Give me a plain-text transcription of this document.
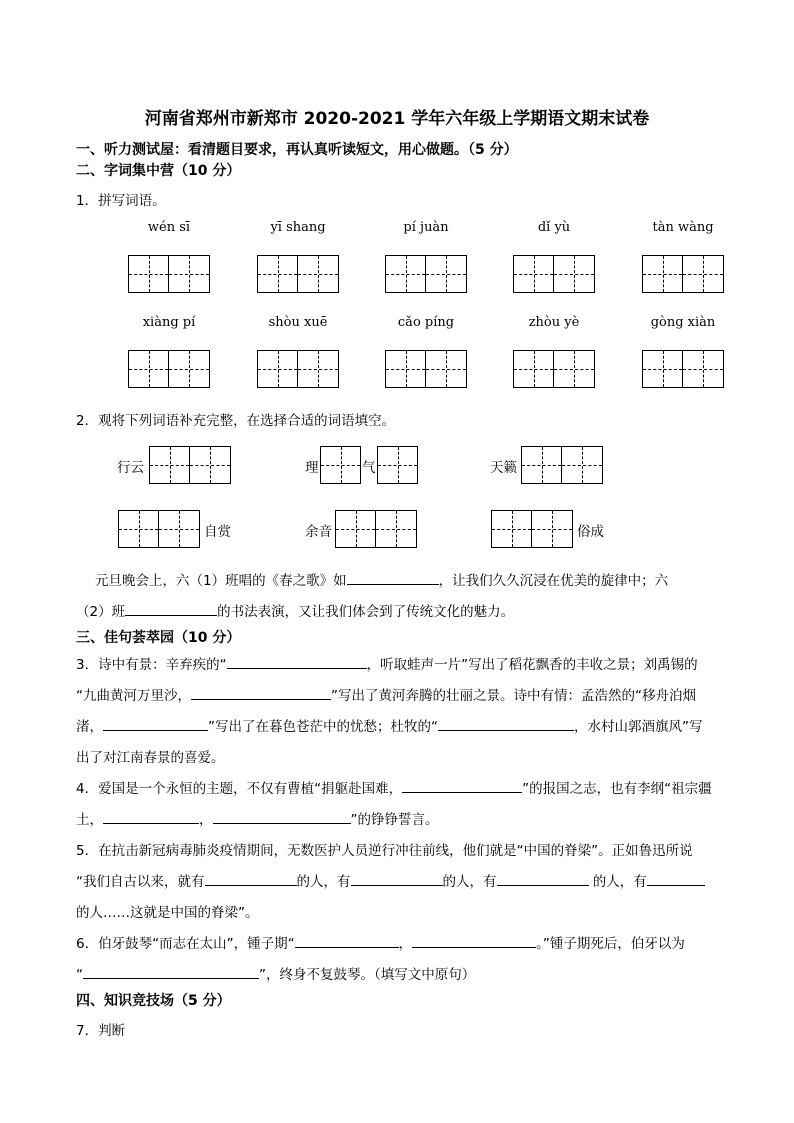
河南省郑州市新郑市 2020-2021 学年六年级上学期语文期末试卷
一、听力测试屋：看清题目要求，再认真听读短文，用心做题。（5 分）
二、字词集中营（10 分）
1．拼写词语。
wén sī	yī shang	pí juàn	dǐ yù	tàn wàng
xiàng pí	shòu xuē	cǎo píng	zhòu yè	gòng xiàn
2．观将下列词语补充完整，在选择合适的词语填空。
行云	理	气	天籁
自赏	余音	俗成
元旦晚会上，六（1）班唱的《春之歌》如	，让我们久久沉浸在优美的旋律中；六
（2）班	的书法表演，又让我们体会到了传统文化的魅力。
三、佳句荟萃园（10 分）
3．诗中有景：辛弃疾的“	，听取蛙声一片”写出了稻花飘香的丰收之景；刘禹锡的
“九曲黄河万里沙，	”写出了黄河奔腾的壮丽之景。诗中有情：孟浩然的“移舟泊烟
渚，	”写出了在暮色苍茫中的忧愁；杜牧的“	，水村山郭酒旗风”写
出了对江南春景的喜爱。
4．爱国是一个永恒的主题，不仅有曹植“捐躯赴国难，	”的报国之志，也有李纲“祖宗疆
土，	，	”的铮铮誓言。
5．在抗击新冠病毒肺炎疫情期间，无数医护人员逆行冲往前线，他们就是“中国的脊梁”。正如鲁迅所说
“我们自古以来，就有	的人，有	的人，有	的人，有
的人……这就是中国的脊梁”。
6．伯牙鼓琴“而志在太山”，锺子期“	，	。”锺子期死后，伯牙以为
“	”，终身不复鼓琴。（填写文中原句）
四、知识竞技场（5 分）
7．判断
